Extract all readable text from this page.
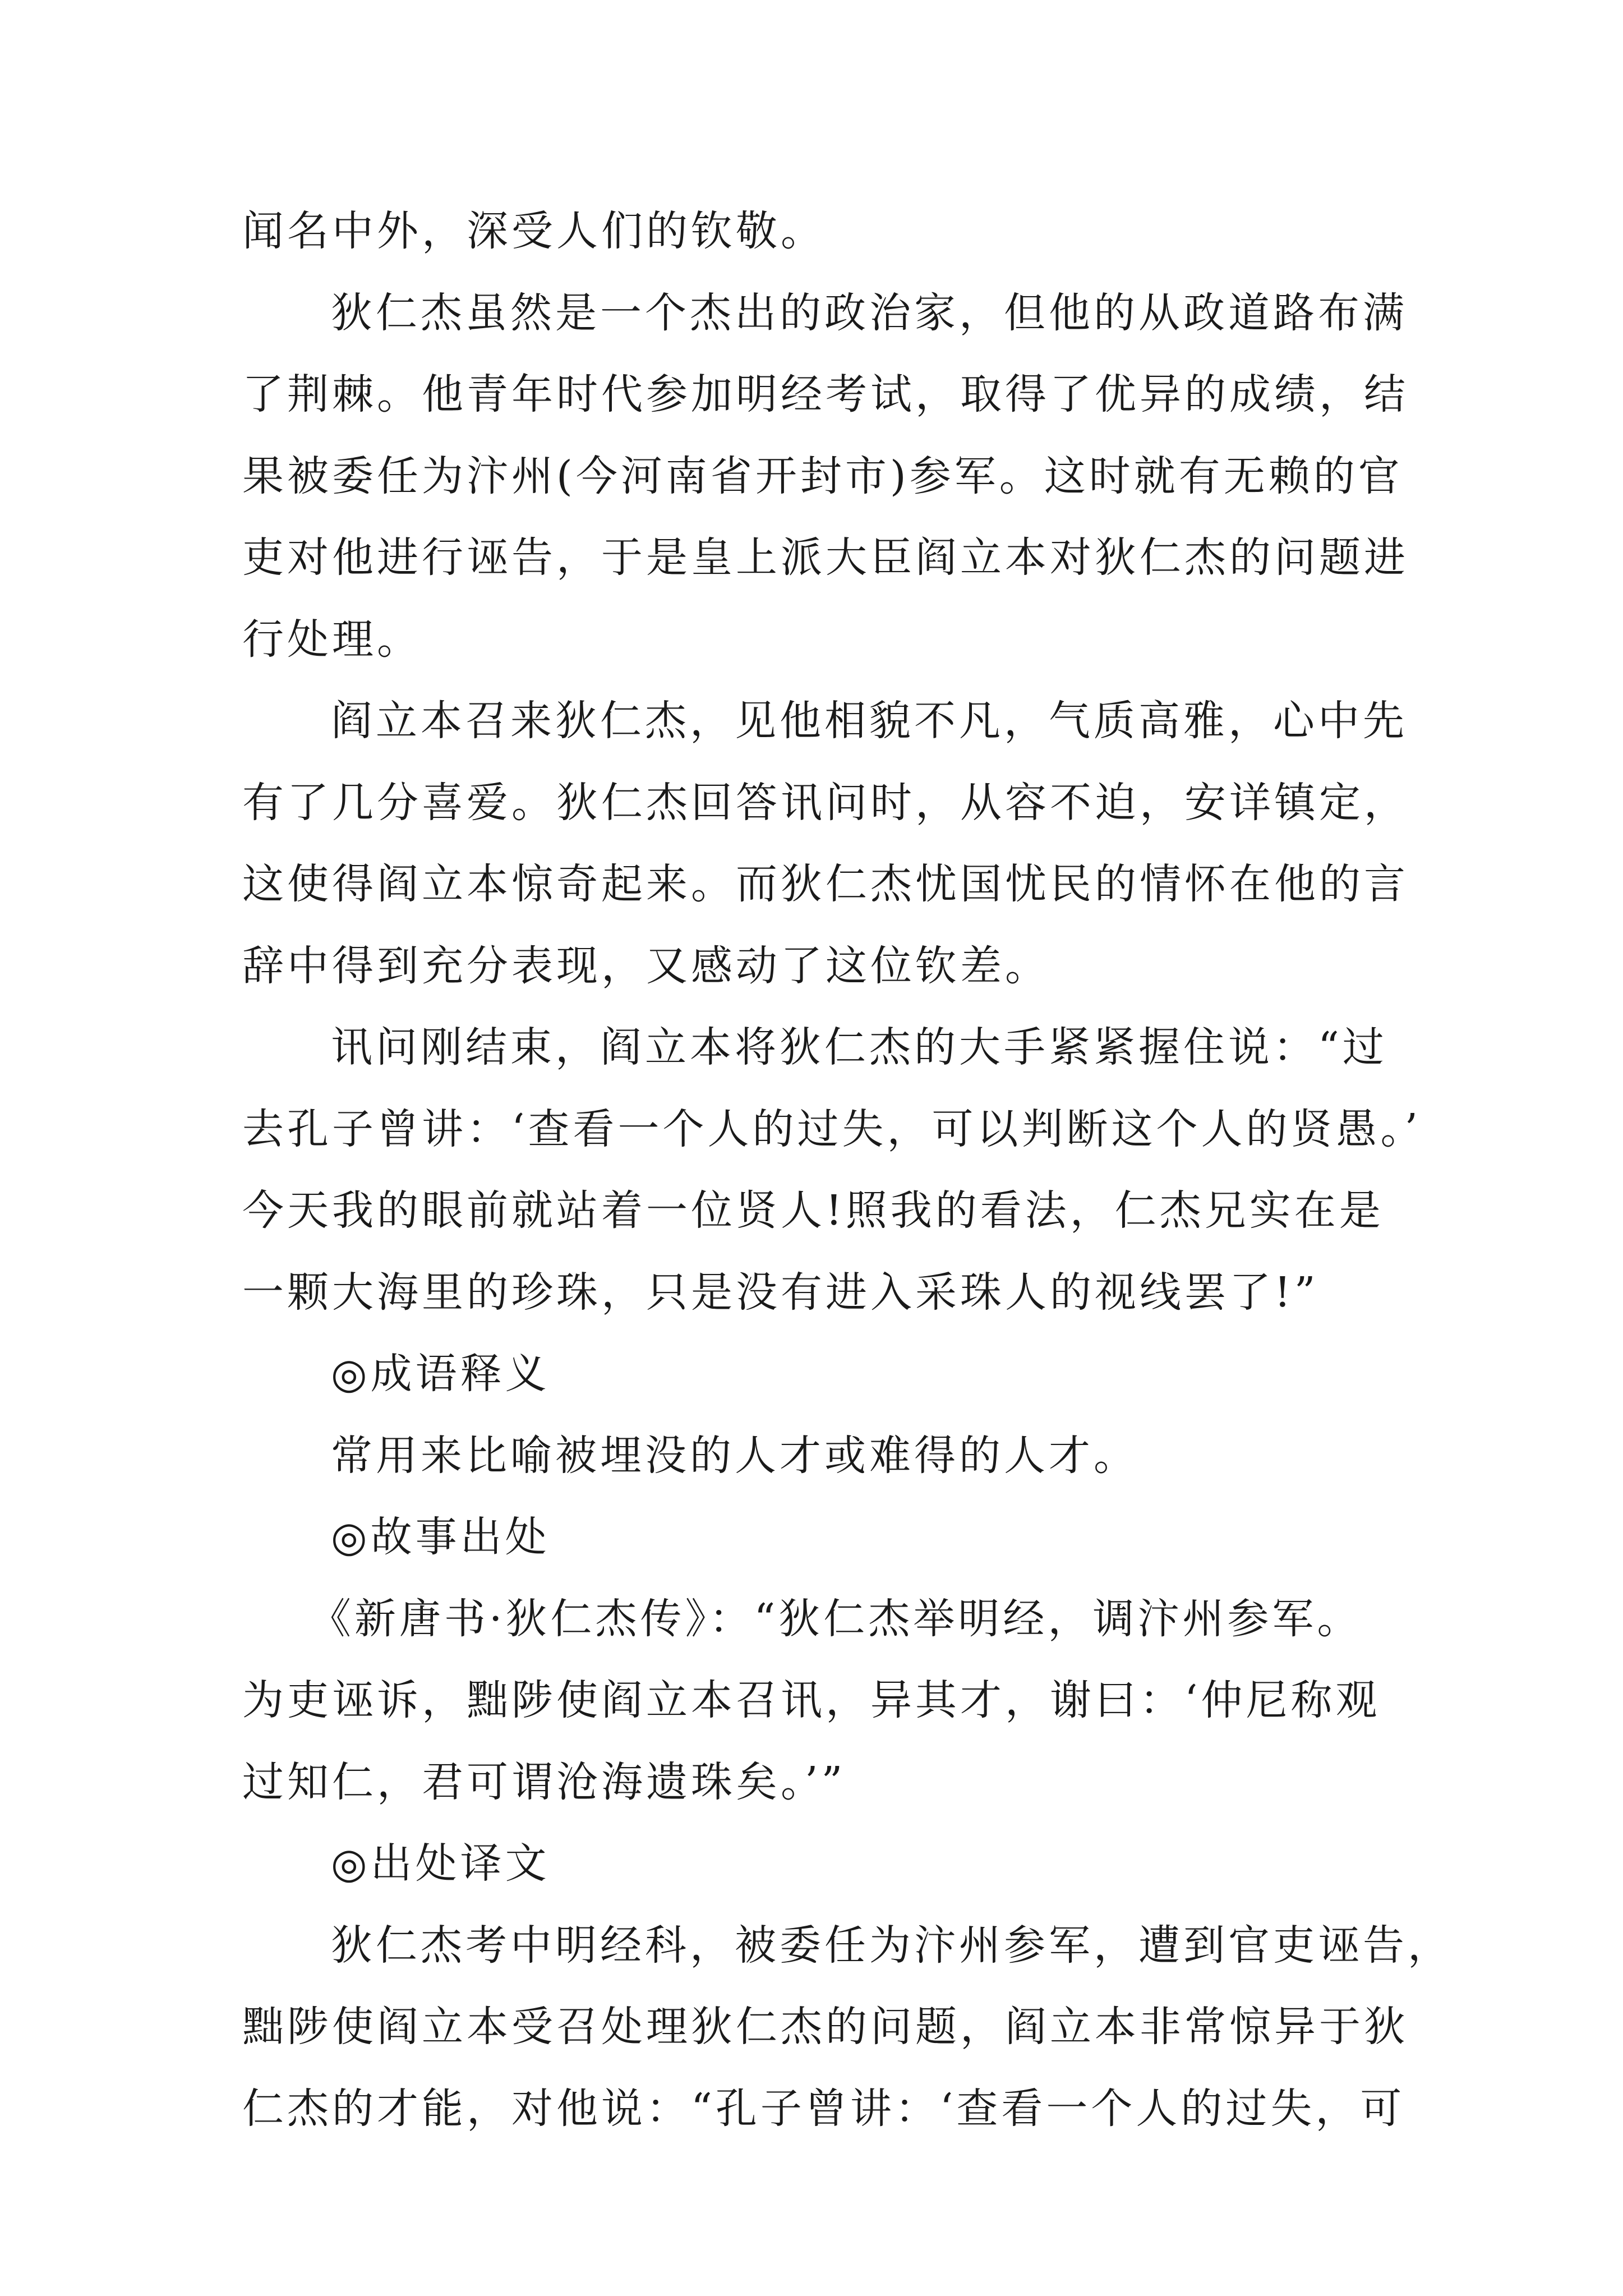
闻名中外，深受人们的钦敬。
狄仁杰虽然是一个杰出的政治家，但他的从政道路布满
了荆棘。他青年时代参加明经考试，取得了优异的成绩，结
果被委任为汴州(今河南省开封市)参军。这时就有无赖的官
吏对他进行诬告，于是皇上派大臣阎立本对狄仁杰的问题进
行处理。
阎立本召来狄仁杰，见他相貌不凡，气质高雅，心中先
有了几分喜爱。狄仁杰回答讯问时，从容不迫，安详镇定，
这使得阎立本惊奇起来。而狄仁杰忧国忧民的情怀在他的言
辞中得到充分表现，又感动了这位钦差。
讯问刚结束，阎立本将狄仁杰的大手紧紧握住说：“过
去孔子曾讲：‘查看一个人的过失，可以判断这个人的贤愚。’
今天我的眼前就站着一位贤人!照我的看法，仁杰兄实在是
一颗大海里的珍珠，只是没有进入采珠人的视线罢了!”
◎成语释义
常用来比喻被埋没的人才或难得的人才。
◎故事出处
《新唐书·狄仁杰传》：“狄仁杰举明经，调汴州参军。
为吏诬诉，黜陟使阎立本召讯，异其才，谢曰：‘仲尼称观
过知仁，君可谓沧海遗珠矣。’”
◎出处译文
狄仁杰考中明经科，被委任为汴州参军，遭到官吏诬告，
黜陟使阎立本受召处理狄仁杰的问题，阎立本非常惊异于狄
仁杰的才能，对他说：“孔子曾讲：‘查看一个人的过失，可
